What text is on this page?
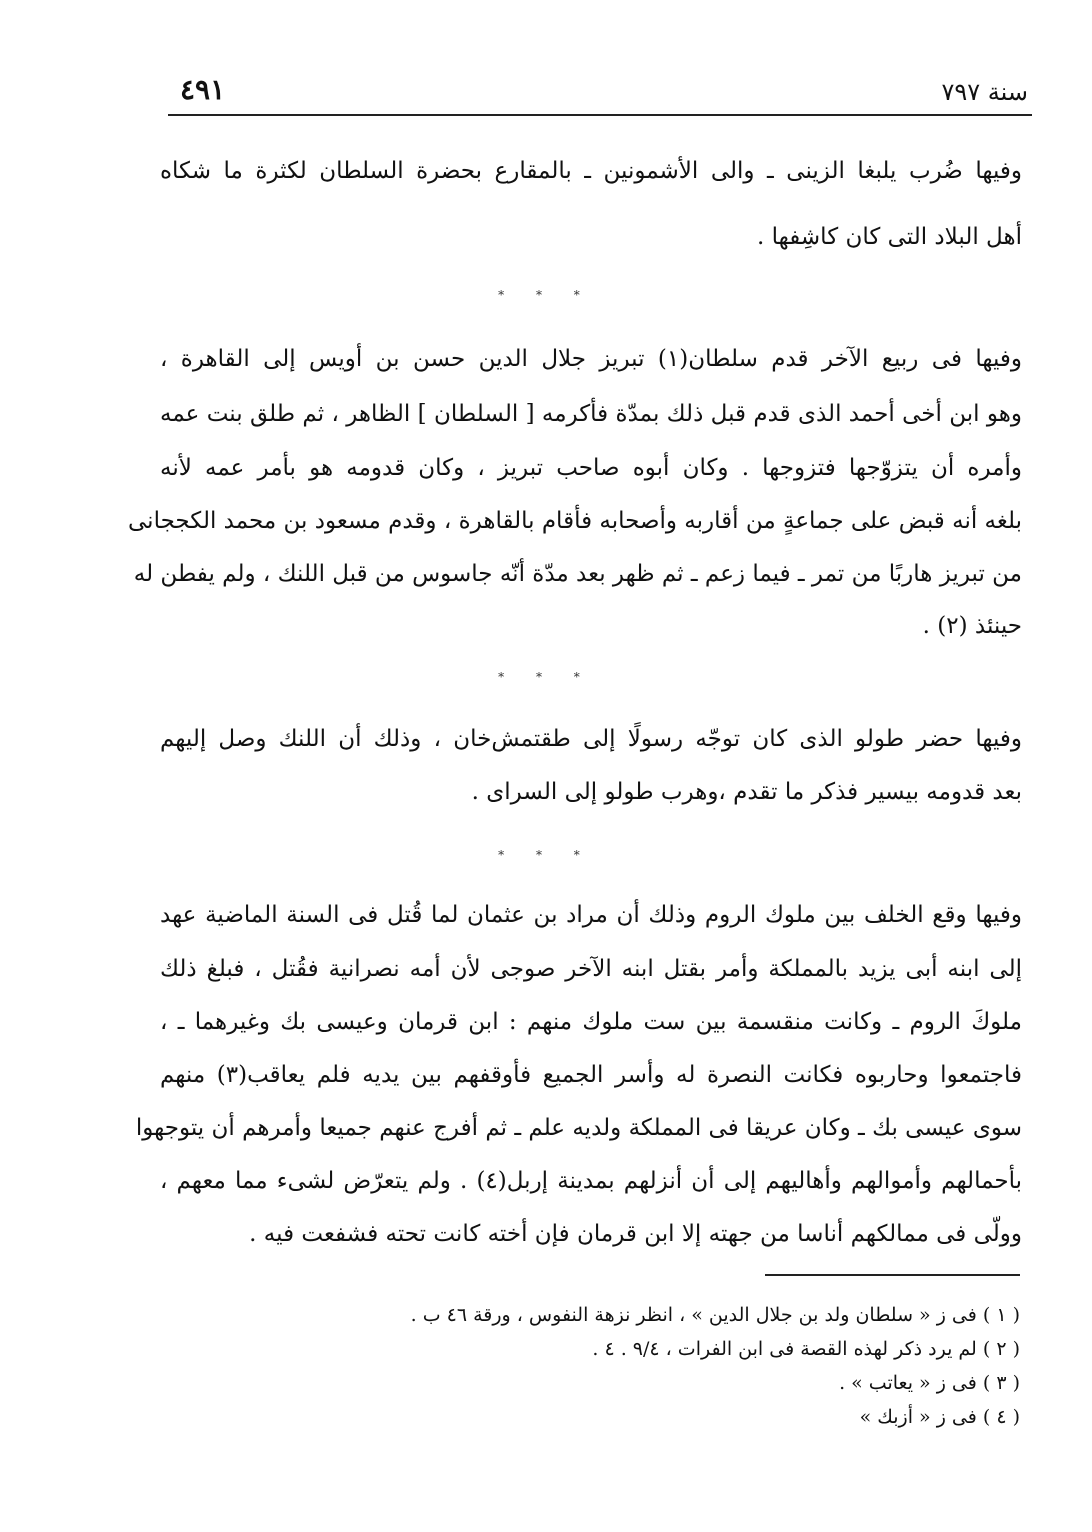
٤٩١	سنة ٧٩٧
وفيها ضُرب يلبغا الزينى ـ والى الأشمونين ـ بالمقارع بحضرة السلطان لكثرة ما شكاه
أهل البلاد التى كان كاشِفها .
* * *
وفيها فى ربيع الآخر قدم سلطان(١) تبريز جلال الدين حسن بن أويس إلى القاهرة ،
وهو ابن أخى أحمد الذى قدم قبل ذلك بمدّة فأكرمه [ السلطان ] الظاهر ، ثم طلق بنت عمه
وأمره أن يتزوّجها فتزوجها . وكان أبوه صاحب تبريز ، وكان قدومه هو بأمر عمه لأنه
بلغه أنه قبض على جماعةٍ من أقاربه وأصحابه فأقام بالقاهرة ، وقدم مسعود بن محمد الكججانى
من تبريز هاربًا من تمر ـ فيما زعم ـ ثم ظهر بعد مدّة أنّه جاسوس من قبل اللنك ، ولم يفطن له
حينئذ (٢) .
* * *
وفيها حضر طولو الذى كان توجّه رسولًا إلى طقتمش‌خان ، وذلك أن اللنك وصل إليهم
بعد قدومه بيسير فذكر ما تقدم ،وهرب طولو إلى السراى .
* * *
وفيها وقع الخلف بين ملوك الروم وذلك أن مراد بن عثمان لما قُتل فى السنة الماضية عهد
إلى ابنه أبى يزيد بالمملكة وأمر بقتل ابنه الآخر صوجى لأن أمه نصرانية فقُتل ، فبلغ ذلك
ملوكَ الروم ـ وكانت منقسمة بين ست ملوك منهم : ابن قرمان وعيسى بك وغيرهما ـ ،
فاجتمعوا وحاربوه فكانت النصرة له وأسر الجميع فأوقفهم بين يديه فلم يعاقب(٣) منهم
سوى عيسى بك ـ وكان عريقا فى المملكة ولديه علم ـ ثم أفرج عنهم جميعا وأمرهم أن يتوجهوا
بأحمالهم وأموالهم وأهاليهم إلى أن أنزلهم بمدينة إربل(٤) . ولم يتعرّض لشىء مما معهم ،
وولّى فى ممالكهم أناسا من جهته إلا ابن قرمان فإن أخته كانت تحته فشفعت فيه .
( ١ ) فى ز « سلطان ولد بن جلال الدين » ، انظر نزهة النفوس ، ورقة ٤٦ ب .
( ٢ ) لم يرد ذكر لهذه القصة فى ابن الفرات ، ٩/٤ . ٤ .
( ٣ ) فى ز « يعاتب » .
( ٤ ) فى ز « أزبك »
